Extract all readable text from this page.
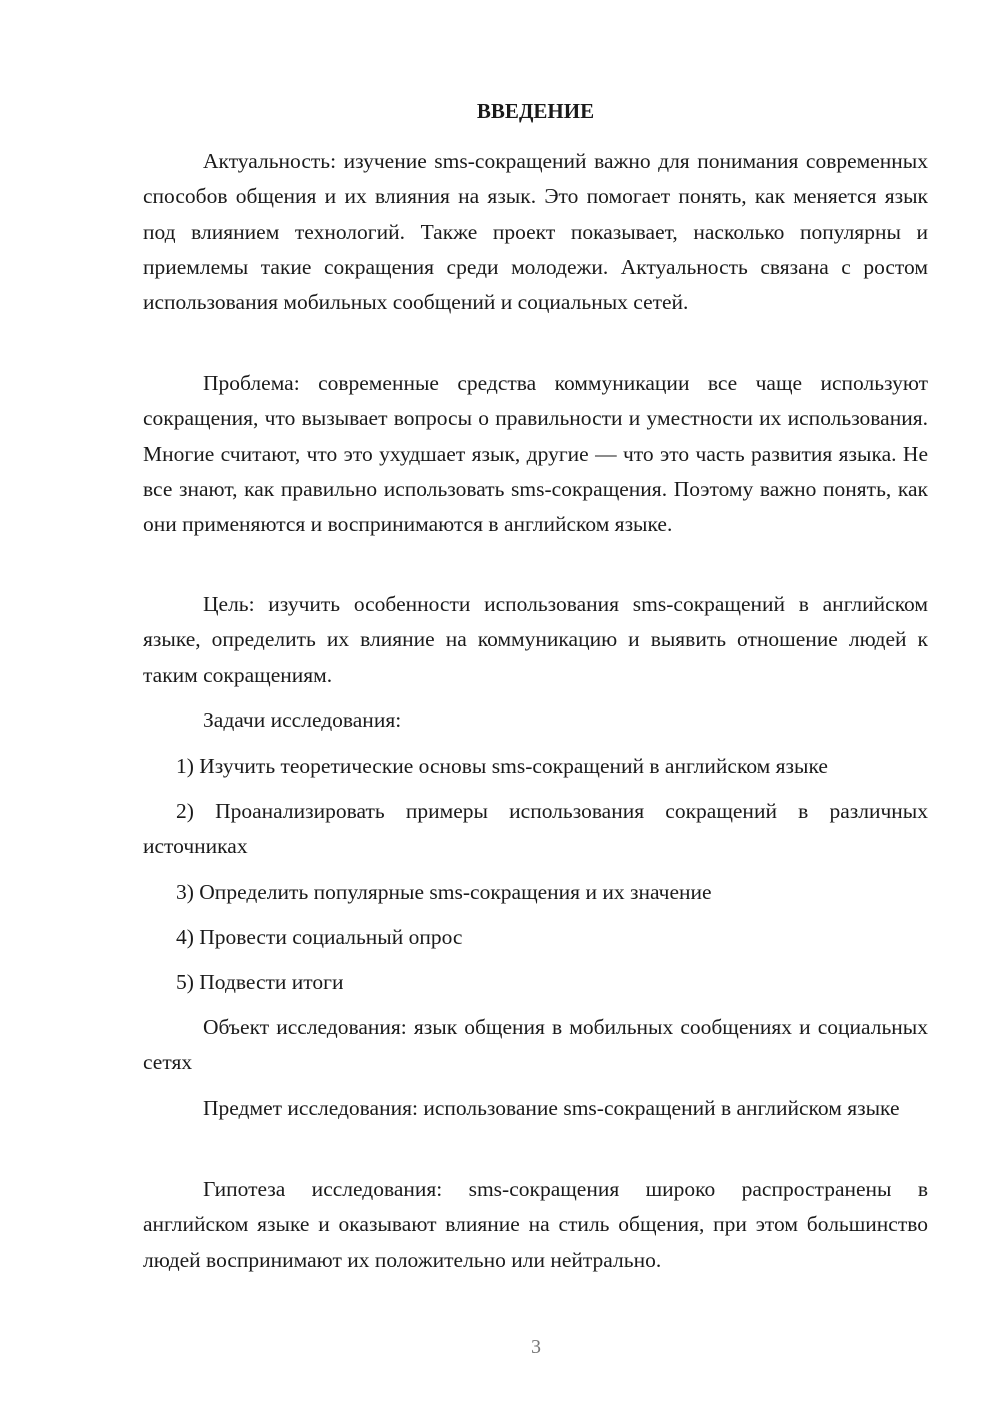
ВВЕДЕНИЕ

Актуальность: изучение sms-сокращений важно для понимания современных способов общения и их влияния на язык. Это помогает понять, как меняется язык под влиянием технологий. Также проект показывает, насколько популярны и приемлемы такие сокращения среди молодежи. Актуальность связана с ростом использования мобильных сообщений и социальных сетей.

Проблема: современные средства коммуникации все чаще используют сокращения, что вызывает вопросы о правильности и уместности их использования. Многие считают, что это ухудшает язык, другие — что это часть развития языка. Не все знают, как правильно использовать sms-сокращения. Поэтому важно понять, как они применяются и воспринимаются в английском языке.

Цель: изучить особенности использования sms-сокращений в английском языке, определить их влияние на коммуникацию и выявить отношение людей к таким сокращениям.

Задачи исследования:

1) Изучить теоретические основы sms-сокращений в английском языке

2) Проанализировать примеры использования сокращений в различных источниках

3) Определить популярные sms-сокращения и их значение

4) Провести социальный опрос

5) Подвести итоги

Объект исследования: язык общения в мобильных сообщениях и социальных сетях

Предмет исследования: использование sms-сокращений в английском языке

Гипотеза исследования: sms-сокращения широко распространены в английском языке и оказывают влияние на стиль общения, при этом большинство людей воспринимают их положительно или нейтрально.

3
